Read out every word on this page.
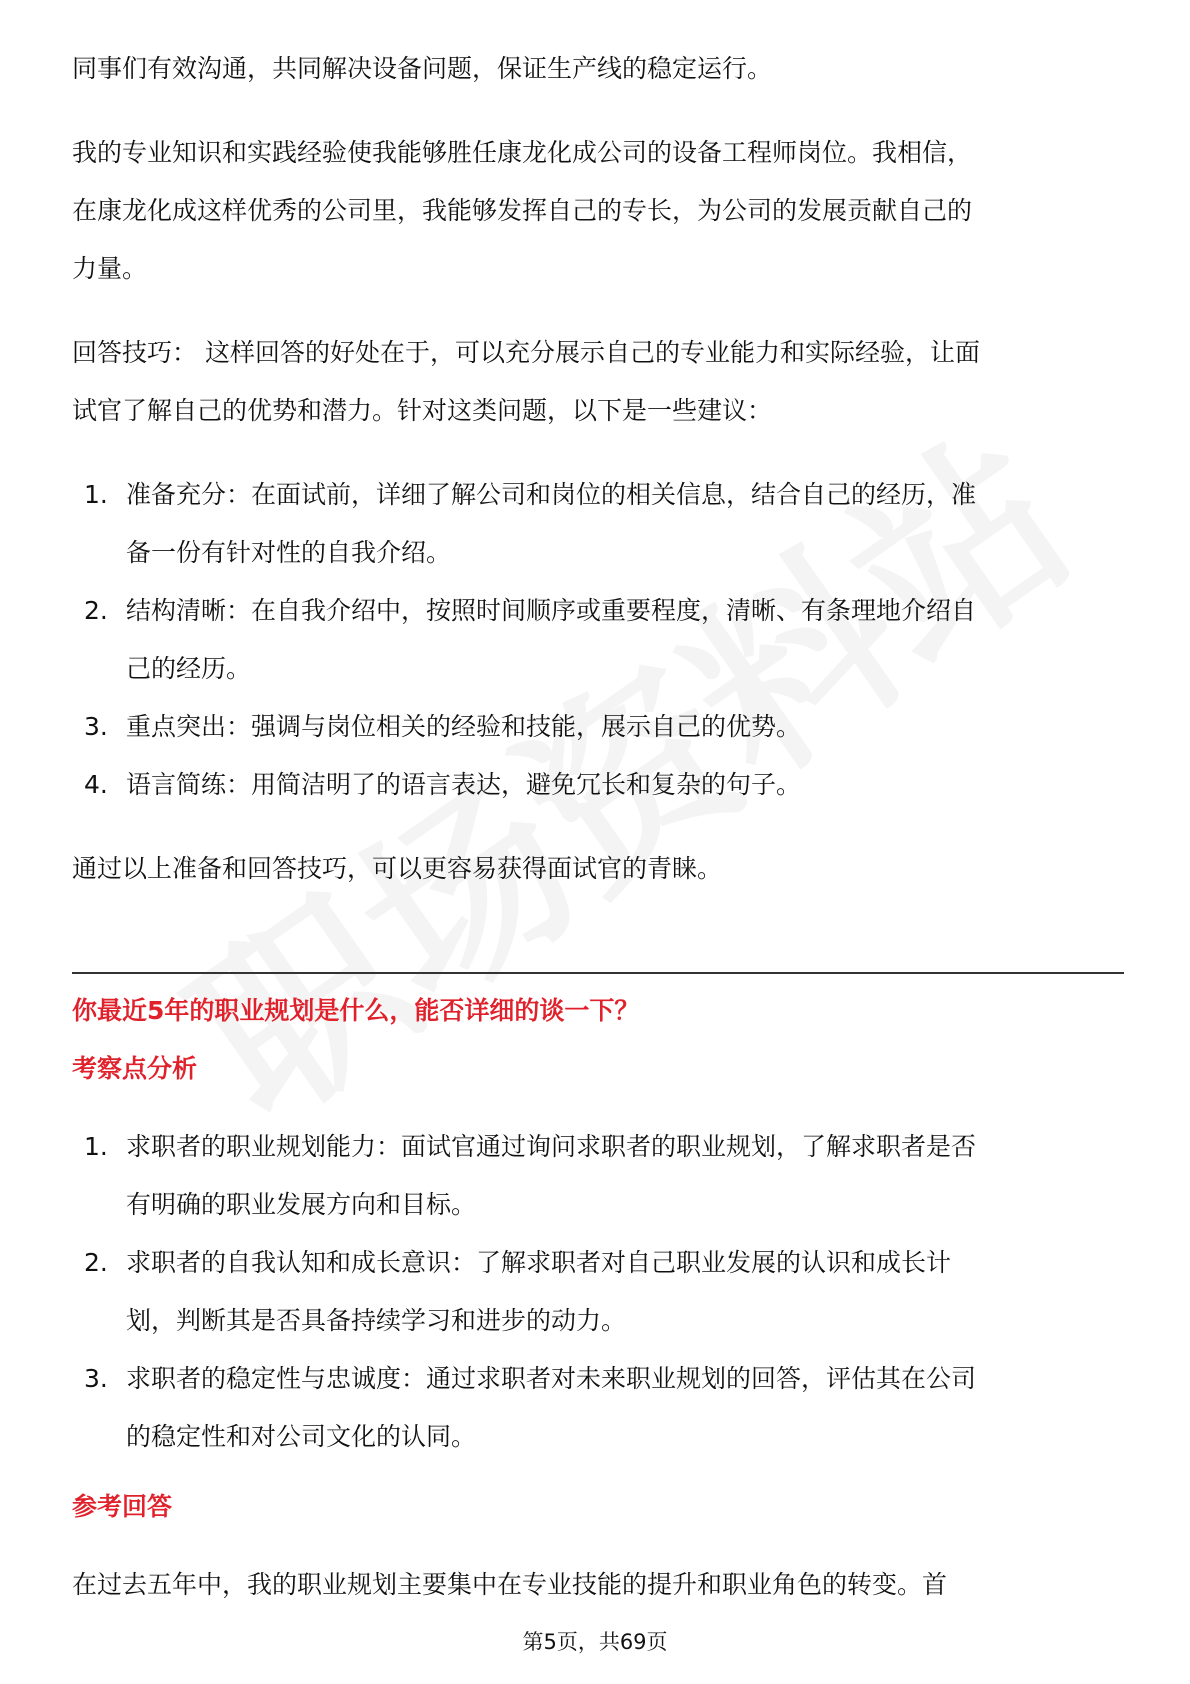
同事们有效沟通，共同解决设备问题，保证生产线的稳定运行。

我的专业知识和实践经验使我能够胜任康龙化成公司的设备工程师岗位。我相信，

在康龙化成这样优秀的公司里，我能够发挥自己的专长，为公司的发展贡献自己的

力量。

回答技巧： 这样回答的好处在于，可以充分展示自己的专业能力和实际经验，让面

试官了解自己的优势和潜力。针对这类问题，以下是一些建议：

1. 准备充分：在面试前，详细了解公司和岗位的相关信息，结合自己的经历，准
备一份有针对性的自我介绍。
2. 结构清晰：在自我介绍中，按照时间顺序或重要程度，清晰、有条理地介绍自
己的经历。
3. 重点突出：强调与岗位相关的经验和技能，展示自己的优势。
4. 语言简练：用简洁明了的语言表达，避免冗长和复杂的句子。

通过以上准备和回答技巧，可以更容易获得面试官的青睐。

你最近5年的职业规划是什么，能否详细的谈一下？

考察点分析

1. 求职者的职业规划能力：面试官通过询问求职者的职业规划，了解求职者是否
有明确的职业发展方向和目标。
2. 求职者的自我认知和成长意识：了解求职者对自己职业发展的认识和成长计
划，判断其是否具备持续学习和进步的动力。
3. 求职者的稳定性与忠诚度：通过求职者对未来职业规划的回答，评估其在公司
的稳定性和对公司文化的认同。

参考回答

在过去五年中，我的职业规划主要集中在专业技能的提升和职业角色的转变。首

第5页，共69页
